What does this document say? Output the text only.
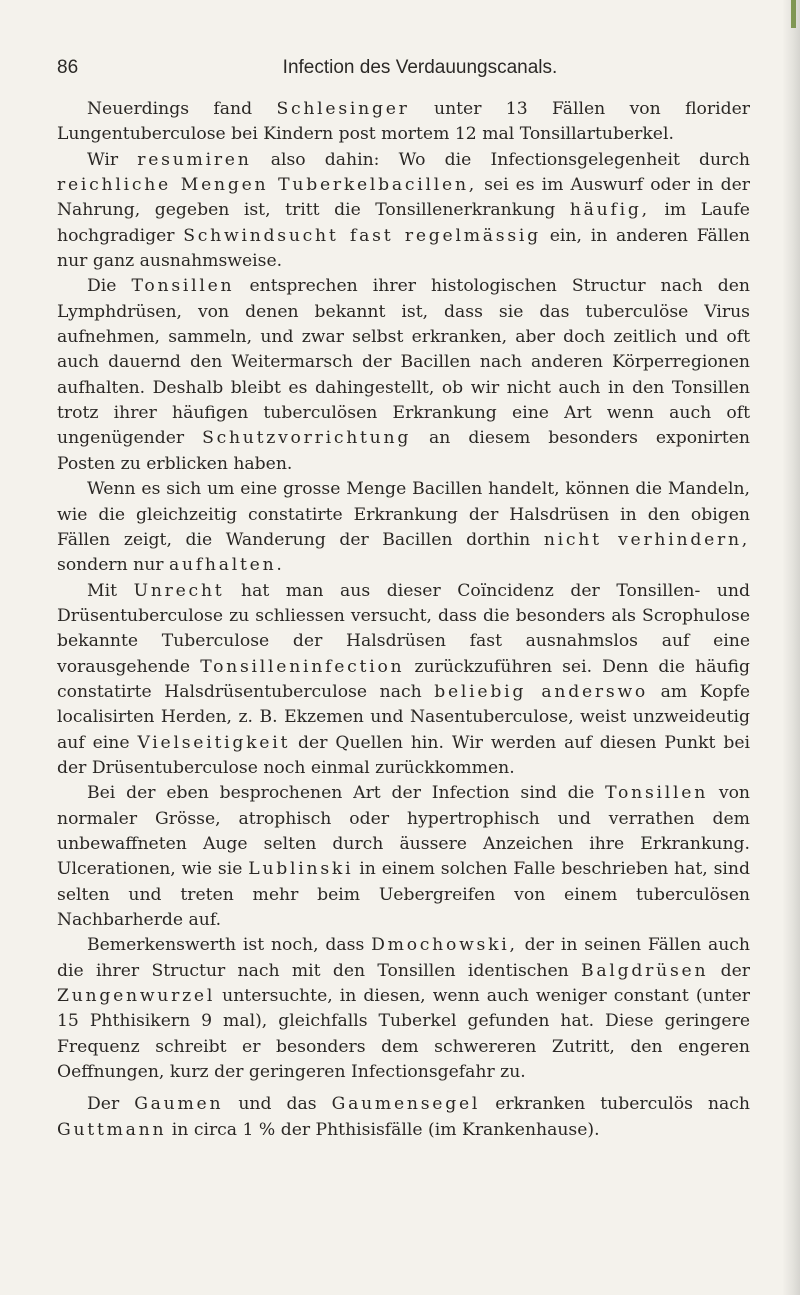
86	Infection des Verdauungscanals.

Neuerdings fand Schlesinger unter 13 Fällen von florider Lungentuberculose bei Kindern post mortem 12 mal Tonsillartuberkel.

Wir resumiren also dahin: Wo die Infectionsgelegenheit durch reichliche Mengen Tuberkelbacillen, sei es im Auswurf oder in der Nahrung, gegeben ist, tritt die Tonsillenerkrankung häufig, im Laufe hochgradiger Schwindsucht fast regelmässig ein, in anderen Fällen nur ganz ausnahmsweise.

Die Tonsillen entsprechen ihrer histologischen Structur nach den Lymphdrüsen, von denen bekannt ist, dass sie das tuberculöse Virus aufnehmen, sammeln, und zwar selbst erkranken, aber doch zeitlich und oft auch dauernd den Weitermarsch der Bacillen nach anderen Körperregionen aufhalten. Deshalb bleibt es dahingestellt, ob wir nicht auch in den Tonsillen trotz ihrer häufigen tuberculösen Erkrankung eine Art wenn auch oft ungenügender Schutzvorrichtung an diesem besonders exponirten Posten zu erblicken haben.

Wenn es sich um eine grosse Menge Bacillen handelt, können die Mandeln, wie die gleichzeitig constatirte Erkrankung der Halsdrüsen in den obigen Fällen zeigt, die Wanderung der Bacillen dorthin nicht verhindern, sondern nur aufhalten.

Mit Unrecht hat man aus dieser Coïncidenz der Tonsillen- und Drüsentuberculose zu schliessen versucht, dass die besonders als Scrophulose bekannte Tuberculose der Halsdrüsen fast ausnahmslos auf eine vorausgehende Tonsilleninfection zurückzuführen sei. Denn die häufig constatirte Halsdrüsentuberculose nach beliebig anderswo am Kopfe localisirten Herden, z. B. Ekzemen und Nasentuberculose, weist unzweideutig auf eine Vielseitigkeit der Quellen hin. Wir werden auf diesen Punkt bei der Drüsentuberculose noch einmal zurückkommen.

Bei der eben besprochenen Art der Infection sind die Tonsillen von normaler Grösse, atrophisch oder hypertrophisch und verrathen dem unbewaffneten Auge selten durch äussere Anzeichen ihre Erkrankung. Ulcerationen, wie sie Lublinski in einem solchen Falle beschrieben hat, sind selten und treten mehr beim Uebergreifen von einem tuberculösen Nachbarherde auf.

Bemerkenswerth ist noch, dass Dmochowski, der in seinen Fällen auch die ihrer Structur nach mit den Tonsillen identischen Balgdrüsen der Zungenwurzel untersuchte, in diesen, wenn auch weniger constant (unter 15 Phthisikern 9 mal), gleichfalls Tuberkel gefunden hat. Diese geringere Frequenz schreibt er besonders dem schwereren Zutritt, den engeren Oeffnungen, kurz der geringeren Infectionsgefahr zu.

Der Gaumen und das Gaumensegel erkranken tuberculös nach Guttmann in circa 1 % der Phthisisfälle (im Krankenhause).
